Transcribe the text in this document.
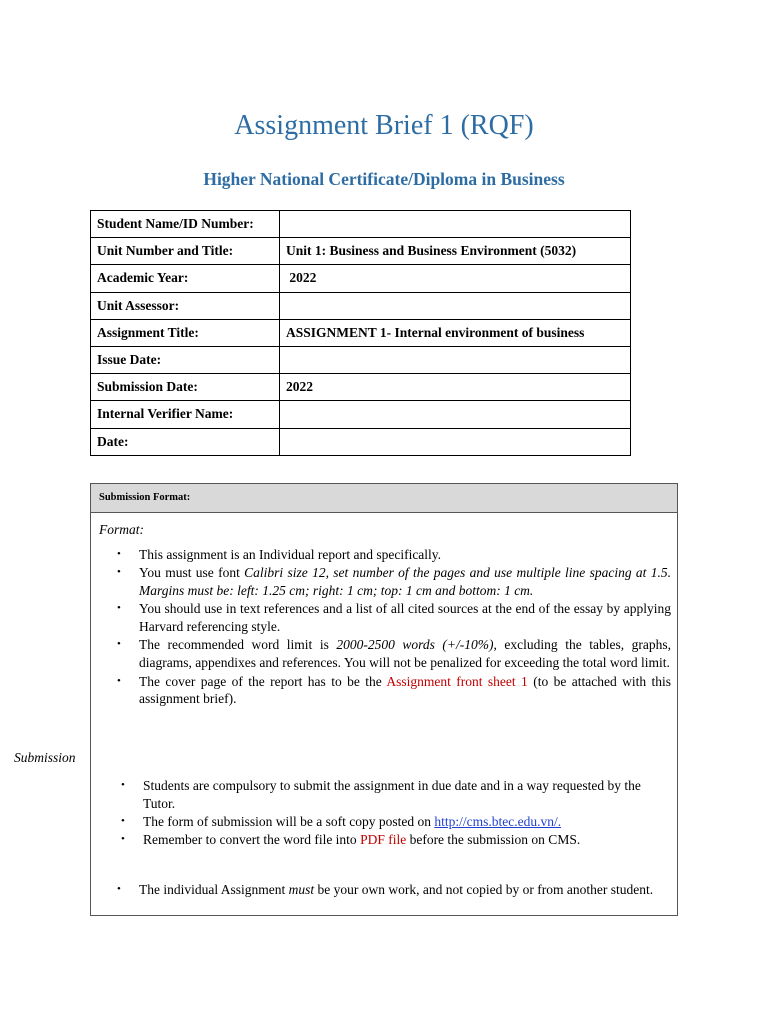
Assignment Brief 1 (RQF)
Higher National Certificate/Diploma in Business
Student Name/ID Number:	
Unit Number and Title:	Unit 1: Business and Business Environment (5032)
Academic Year:	2022
Unit Assessor:	
Assignment Title:	ASSIGNMENT 1- Internal environment of business
Issue Date:	
Submission Date:	2022
Internal Verifier Name:	
Date:	
Submission
Submission Format:
Format:
• This assignment is an Individual report and specifically.
• You must use font Calibri size 12, set number of the pages and use multiple line spacing at 1.5. Margins must be: left: 1.25 cm; right: 1 cm; top: 1 cm and bottom: 1 cm.
• You should use in text references and a list of all cited sources at the end of the essay by applying Harvard referencing style.
• The recommended word limit is 2000-2500 words (+/-10%), excluding the tables, graphs, diagrams, appendixes and references. You will not be penalized for exceeding the total word limit.
• The cover page of the report has to be the Assignment front sheet 1 (to be attached with this assignment brief).
• Students are compulsory to submit the assignment in due date and in a way requested by the Tutor.
• The form of submission will be a soft copy posted on http://cms.btec.edu.vn/.
• Remember to convert the word file into PDF file before the submission on CMS.
• The individual Assignment must be your own work, and not copied by or from another student.
